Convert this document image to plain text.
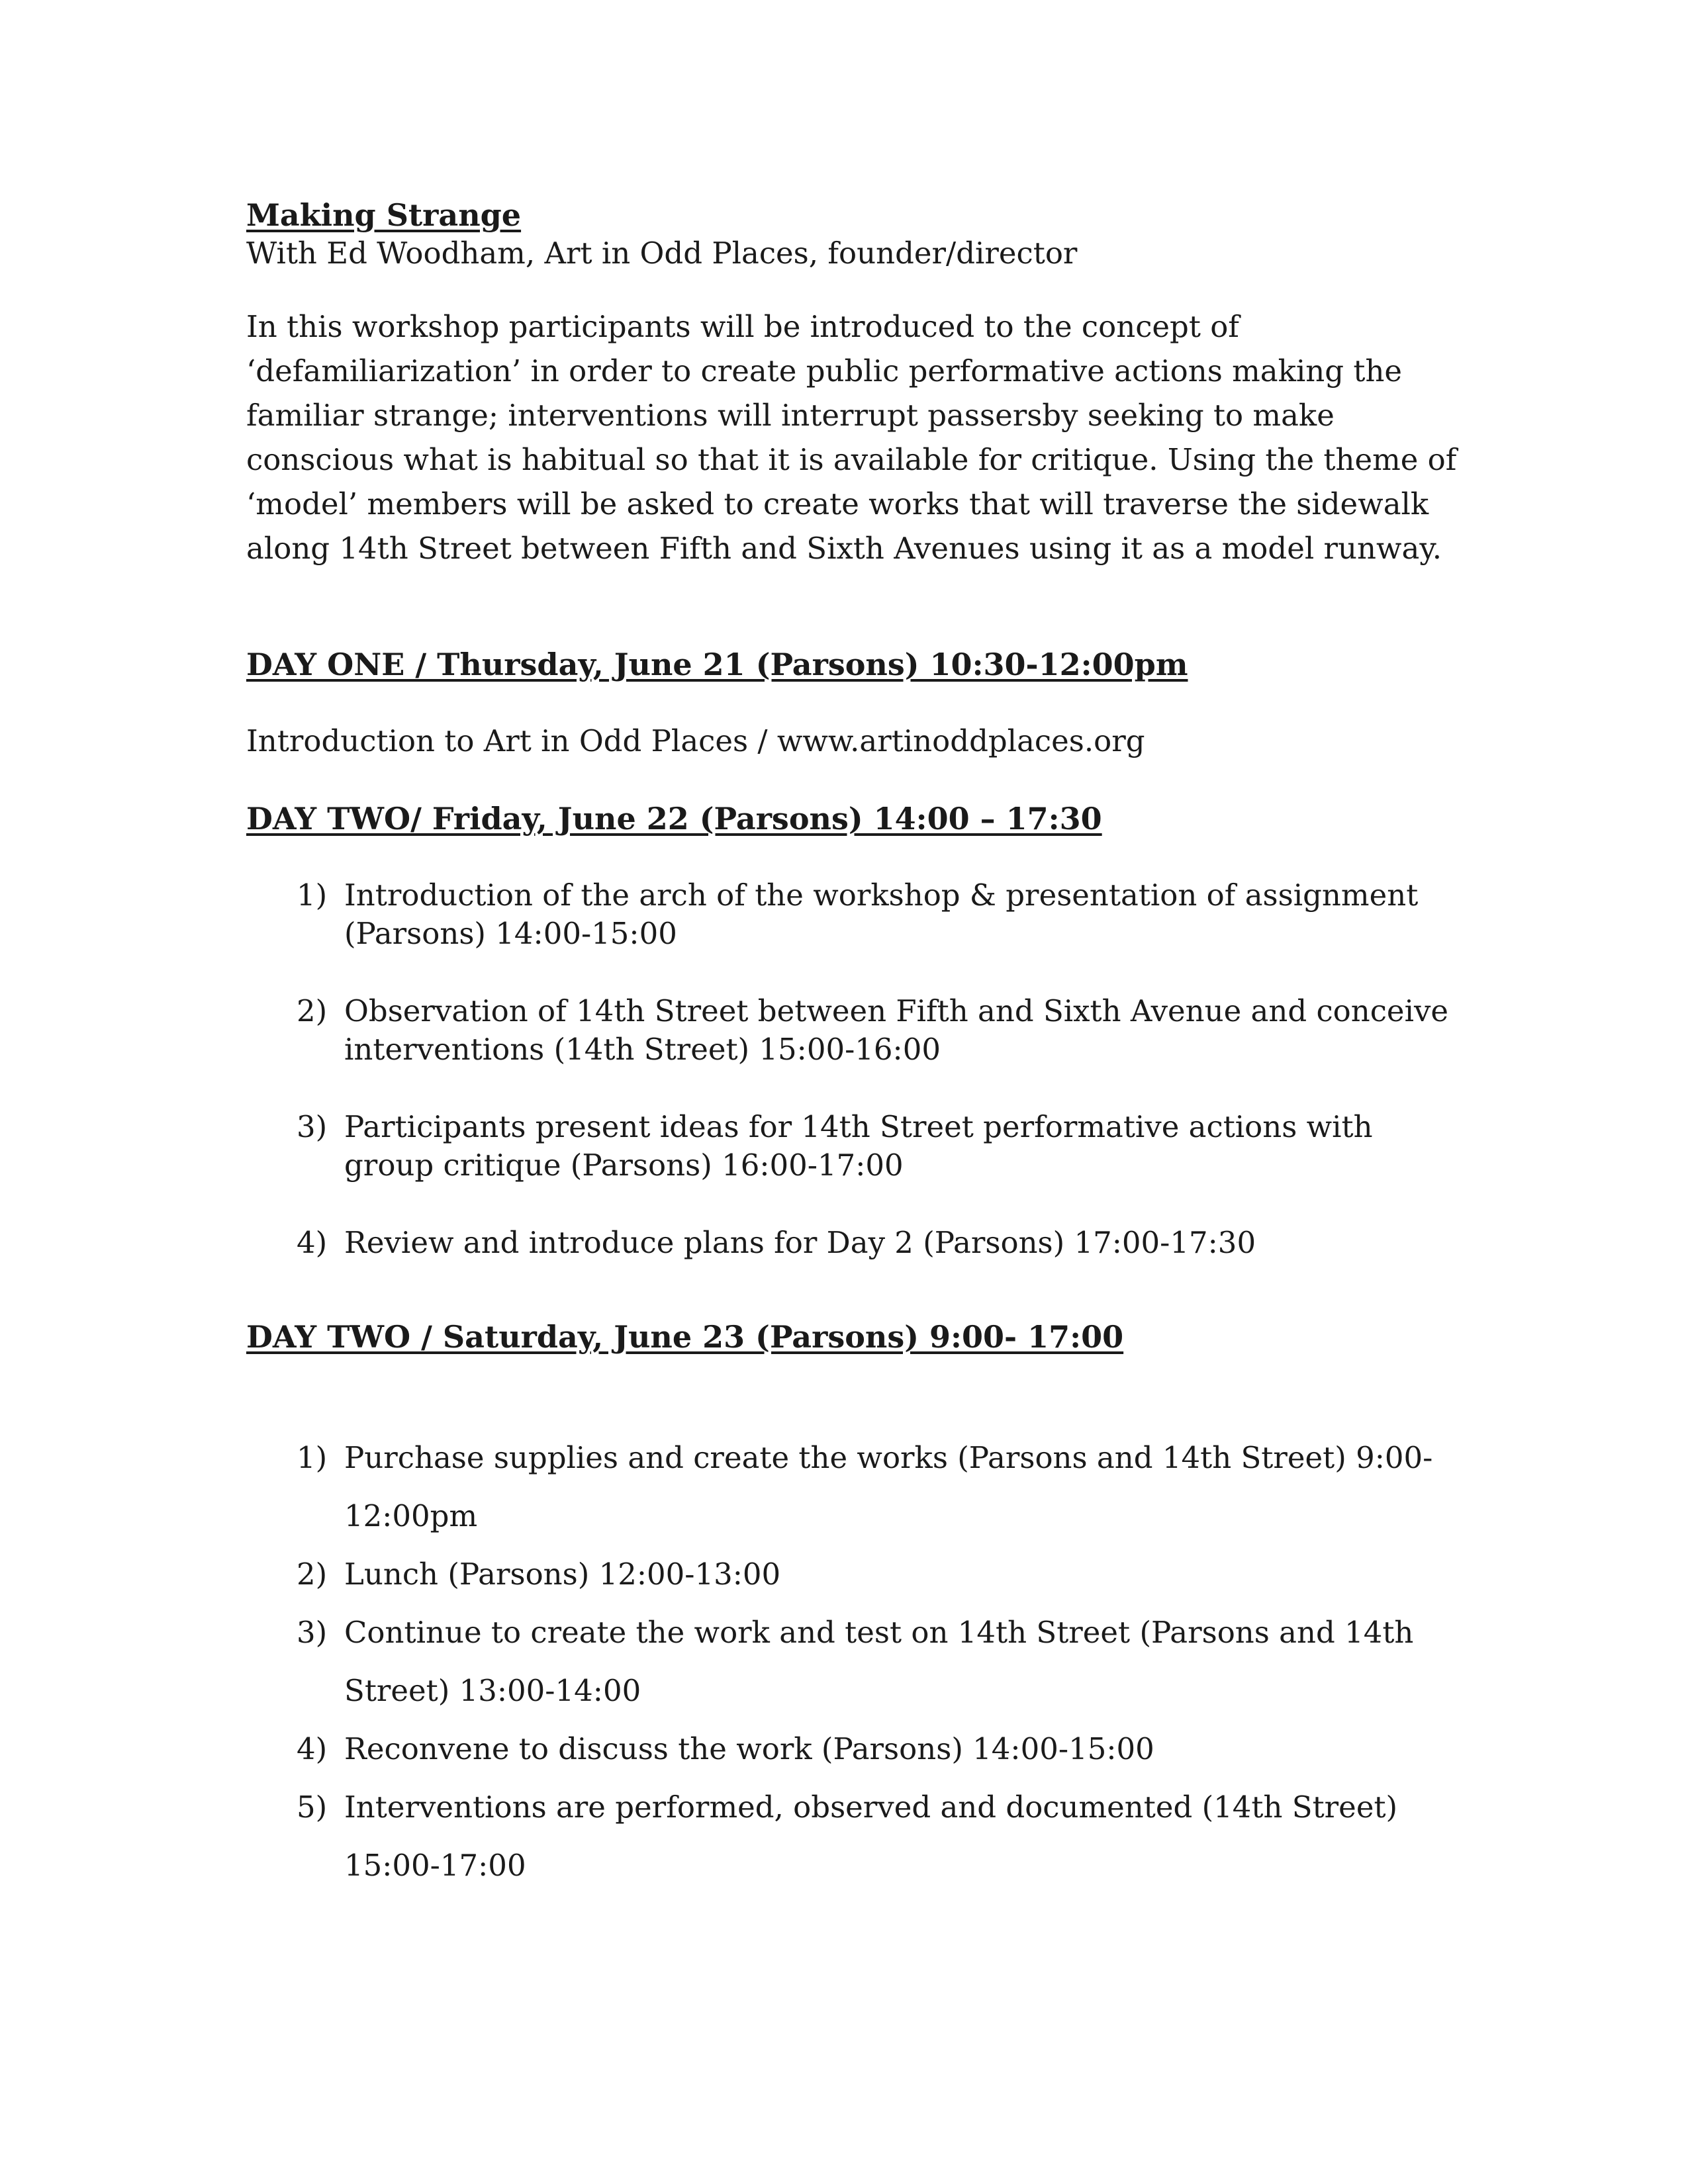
Making Strange

With Ed Woodham, Art in Odd Places, founder/director

In this workshop participants will be introduced to the concept of ‘defamiliarization’ in order to create public performative actions making the familiar strange; interventions will interrupt passersby seeking to make conscious what is habitual so that it is available for critique. Using the theme of ‘model’ members will be asked to create works that will traverse the sidewalk along 14th Street between Fifth and Sixth Avenues using it as a model runway.

DAY ONE / Thursday, June 21 (Parsons) 10:30-12:00pm

Introduction to Art in Odd Places / www.artinoddplaces.org

DAY TWO/ Friday, June 22 (Parsons) 14:00 – 17:30

1) Introduction of the arch of the workshop & presentation of assignment (Parsons) 14:00-15:00
2) Observation of 14th Street between Fifth and Sixth Avenue and conceive interventions (14th Street) 15:00-16:00
3) Participants present ideas for 14th Street performative actions with group critique (Parsons) 16:00-17:00
4) Review and introduce plans for Day 2 (Parsons) 17:00-17:30

DAY TWO / Saturday, June 23 (Parsons) 9:00- 17:00

1) Purchase supplies and create the works (Parsons and 14th Street) 9:00-12:00pm
2) Lunch (Parsons) 12:00-13:00
3) Continue to create the work and test on 14th Street (Parsons and 14th Street) 13:00-14:00
4) Reconvene to discuss the work (Parsons) 14:00-15:00
5) Interventions are performed, observed and documented (14th Street) 15:00-17:00
